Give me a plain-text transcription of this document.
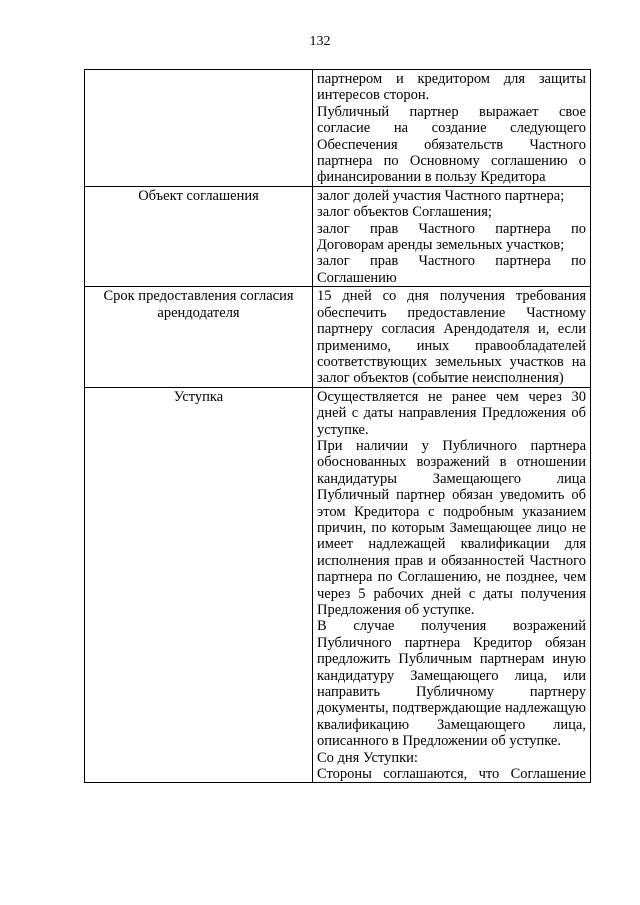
132

	партнером и кредитором для защиты интересов сторон.

Публичный партнер выражает свое согласие на создание следующего Обеспечения обязательств Частного партнера по Основному соглашению о финансировании в пользу Кредитора

Объект соглашения	залог долей участия Частного партнера;

залог объектов Соглашения;

залог прав Частного партнера по Договорам аренды земельных участков;

залог прав Частного партнера по Соглашению

Срок предоставления согласия арендодателя	15 дней со дня получения требования обеспечить предоставление Частному партнеру согласия Арендодателя и, если применимо, иных правообладателей соответствующих земельных участков на залог объектов (событие неисполнения)

Уступка	Осуществляется не ранее чем через 30 дней с даты направления Предложения об уступке.

При наличии у Публичного партнера обоснованных возражений в отношении кандидатуры Замещающего лица Публичный партнер обязан уведомить об этом Кредитора с подробным указанием причин, по которым Замещающее лицо не имеет надлежащей квалификации для исполнения прав и обязанностей Частного партнера по Соглашению, не позднее, чем через 5 рабочих дней с даты получения Предложения об уступке.

В случае получения возражений Публичного партнера Кредитор обязан предложить Публичным партнерам иную кандидатуру Замещающего лица, или направить Публичному партнеру документы, подтверждающие надлежащую квалификацию Замещающего лица, описанного в Предложении об уступке.

Со дня Уступки:

Стороны соглашаются, что Соглашение
